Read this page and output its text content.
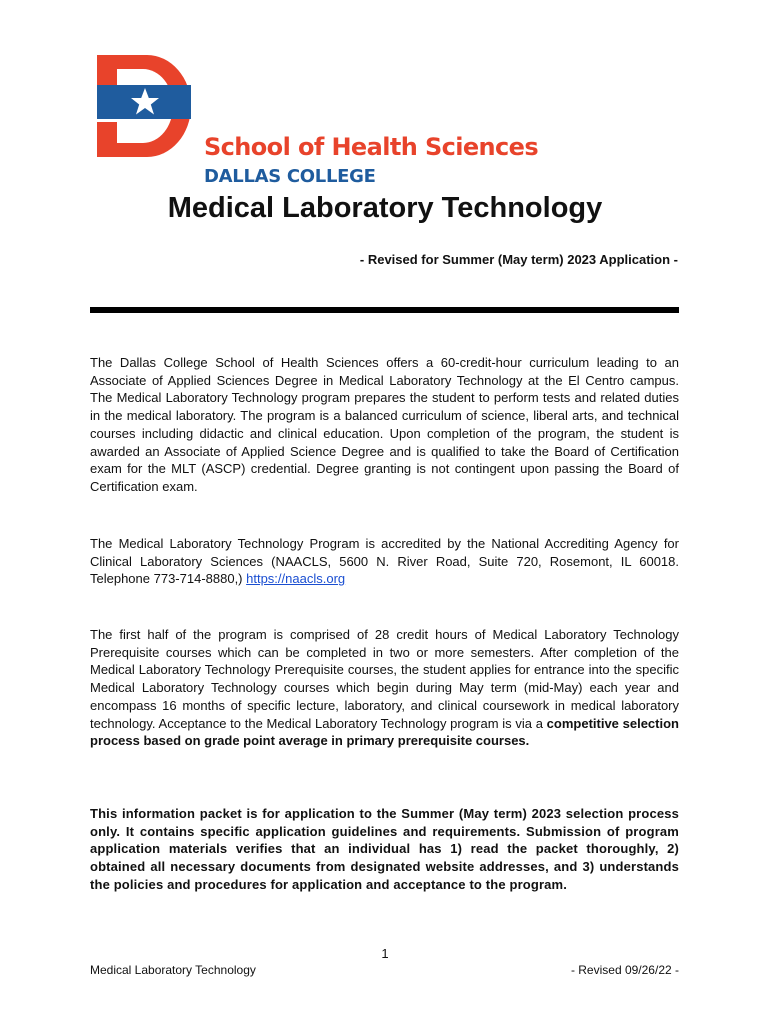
School of Health Sciences

DALLAS COLLEGE

Medical Laboratory Technology

- Revised for Summer (May term) 2023 Application -

The Dallas College School of Health Sciences offers a 60-credit-hour curriculum leading to an Associate of Applied Sciences Degree in Medical Laboratory Technology at the El Centro campus. The Medical Laboratory Technology program prepares the student to perform tests and related duties in the medical laboratory. The program is a balanced curriculum of science, liberal arts, and technical courses including didactic and clinical education. Upon completion of the program, the student is awarded an Associate of Applied Science Degree and is qualified to take the Board of Certification exam for the MLT (ASCP) credential. Degree granting is not contingent upon passing the Board of Certification exam.

The Medical Laboratory Technology Program is accredited by the National Accrediting Agency for Clinical Laboratory Sciences (NAACLS, 5600 N. River Road, Suite 720, Rosemont, IL 60018. Telephone 773-714-8880,) https://naacls.org

The first half of the program is comprised of 28 credit hours of Medical Laboratory Technology Prerequisite courses which can be completed in two or more semesters. After completion of the Medical Laboratory Technology Prerequisite courses, the student applies for entrance into the specific Medical Laboratory Technology courses which begin during May term (mid-May) each year and encompass 16 months of specific lecture, laboratory, and clinical coursework in medical laboratory technology. Acceptance to the Medical Laboratory Technology program is via a competitive selection process based on grade point average in primary prerequisite courses.

This information packet is for application to the Summer (May term) 2023 selection process only. It contains specific application guidelines and requirements. Submission of program application materials verifies that an individual has 1) read the packet thoroughly, 2) obtained all necessary documents from designated website addresses, and 3) understands the policies and procedures for application and acceptance to the program.

1

Medical Laboratory Technology	- Revised 09/26/22 -
